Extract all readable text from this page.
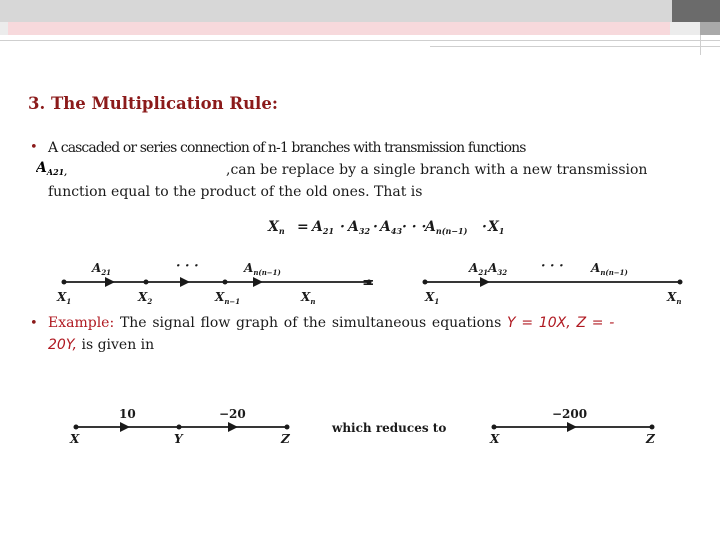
3. The Multiplication Rule:
• A cascaded or series connection of n-1 branches with transmission functions
$A_{A21,}$	,can be replace by a single branch with a new transmission
function equal to the product of the old ones. That is
$X_n = A_{21} \cdot A_{32} \cdot A_{43}$ · · ·
$A_{n(n-1)} \cdot X_1$
=
$A_{21}$	· · ·	$A_{n(n-1)}$
$X_1$	$X_2$	$X_{n-1}$	$X_n$
$A_{21}A_{32}$	· · · $A_{n(n-1)}$
$X_1$	$X_n$
• Example: The signal flow graph of the simultaneous equations Y = 10X, Z = -
20Y, is given in
10	−20	−200
X	Y	Z	X	Z
which reduces to
